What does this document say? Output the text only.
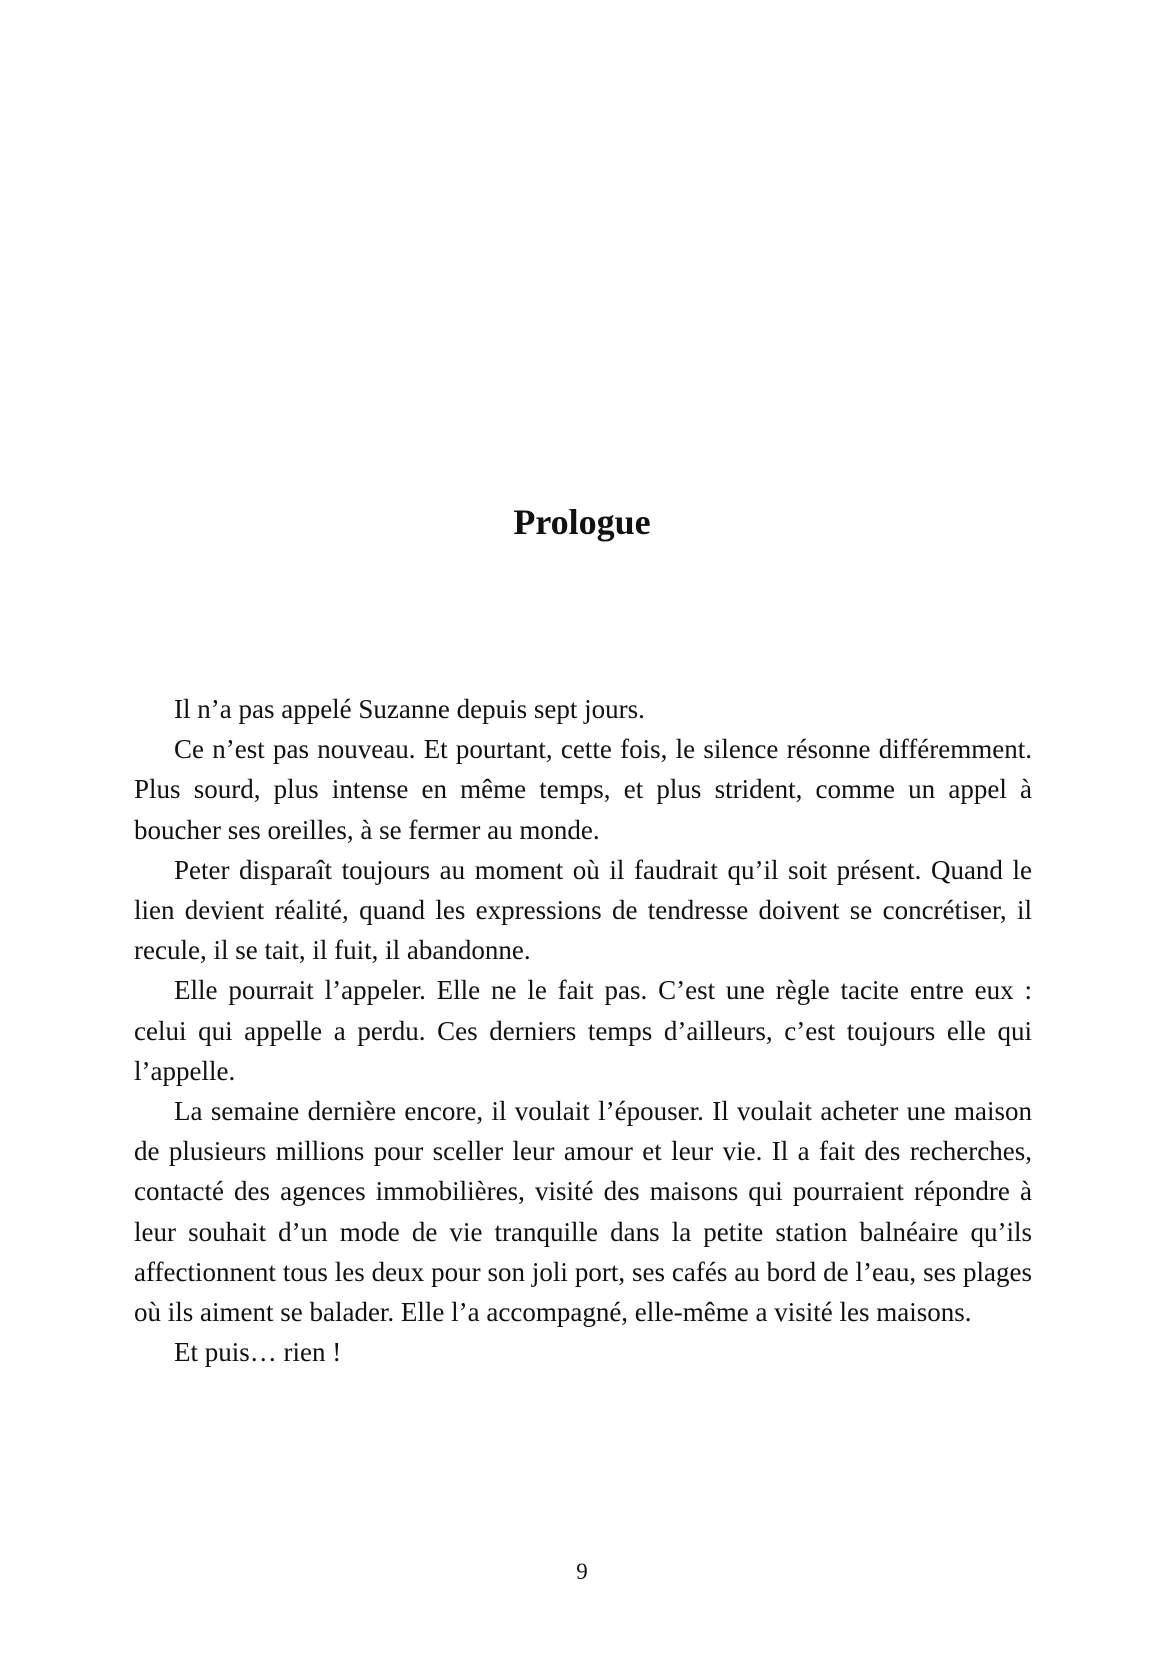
Prologue

Il n’a pas appelé Suzanne depuis sept jours.

Ce n’est pas nouveau. Et pourtant, cette fois, le silence résonne différemment. Plus sourd, plus intense en même temps, et plus strident, comme un appel à boucher ses oreilles, à se fermer au monde.

Peter disparaît toujours au moment où il faudrait qu’il soit présent. Quand le lien devient réalité, quand les expressions de tendresse doivent se concrétiser, il recule, il se tait, il fuit, il abandonne.

Elle pourrait l’appeler. Elle ne le fait pas. C’est une règle tacite entre eux : celui qui appelle a perdu. Ces derniers temps d’ailleurs, c’est toujours elle qui l’appelle.

La semaine dernière encore, il voulait l’épouser. Il voulait acheter une maison de plusieurs millions pour sceller leur amour et leur vie. Il a fait des recherches, contacté des agences immobilières, visité des maisons qui pourraient répondre à leur souhait d’un mode de vie tranquille dans la petite station balnéaire qu’ils affectionnent tous les deux pour son joli port, ses cafés au bord de l’eau, ses plages où ils aiment se balader. Elle l’a accompagné, elle-même a visité les maisons.

Et puis… rien !

9
